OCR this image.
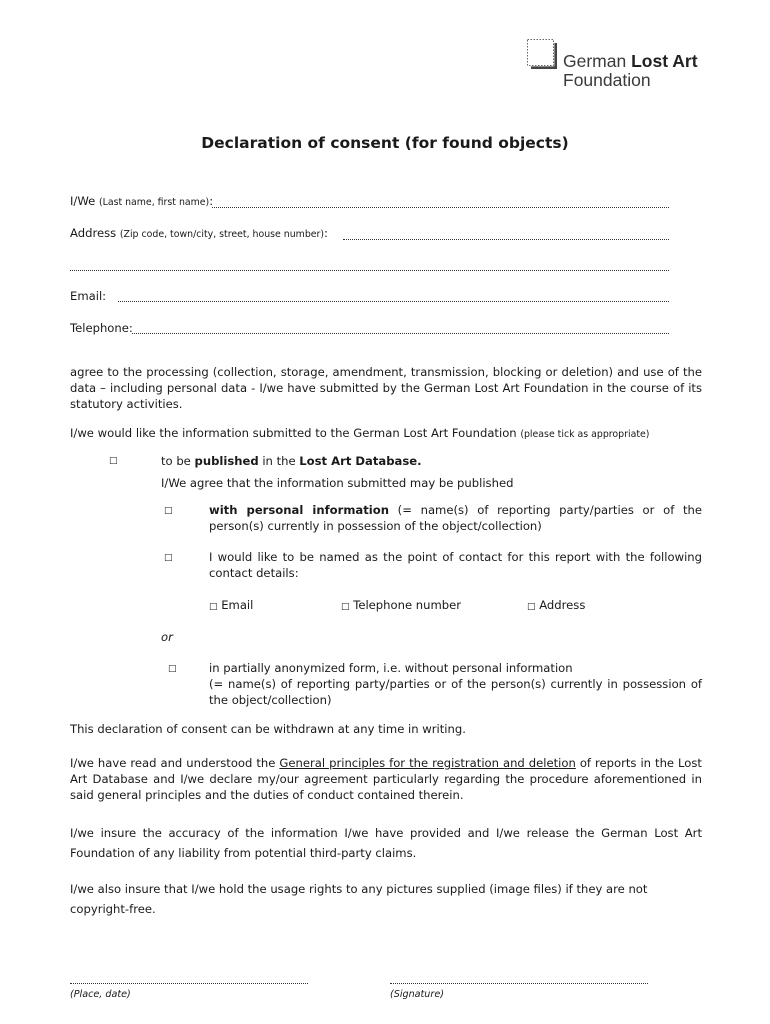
German Lost Art
Foundation
Declaration of consent (for found objects)
I/We (Last name, first name):
Address (Zip code, town/city, street, house number):
Email:
Telephone:
agree to the processing (collection, storage, amendment, transmission, blocking or deletion) and use of the data – including personal data - I/we have submitted by the German Lost Art Foundation in the course of its statutory activities.
I/we would like the information submitted to the German Lost Art Foundation (please tick as appropriate)
□	to be published in the Lost Art Database.
I/We agree that the information submitted may be published
□	with personal information (= name(s) of reporting party/parties or of the person(s) currently in possession of the object/collection)
□	I would like to be named as the point of contact for this report with the following contact details:
□ Email	□ Telephone number	□ Address
or
□	in partially anonymized form, i.e. without personal information
(= name(s) of reporting party/parties or of the person(s) currently in possession of the object/collection)
This declaration of consent can be withdrawn at any time in writing.
I/we have read and understood the General principles for the registration and deletion of reports in the Lost Art Database and I/we declare my/our agreement particularly regarding the procedure aforementioned in said general principles and the duties of conduct contained therein.
I/we insure the accuracy of the information I/we have provided and I/we release the German Lost Art Foundation of any liability from potential third-party claims.
I/we also insure that I/we hold the usage rights to any pictures supplied (image files) if they are not copyright-free.
(Place, date)	(Signature)
